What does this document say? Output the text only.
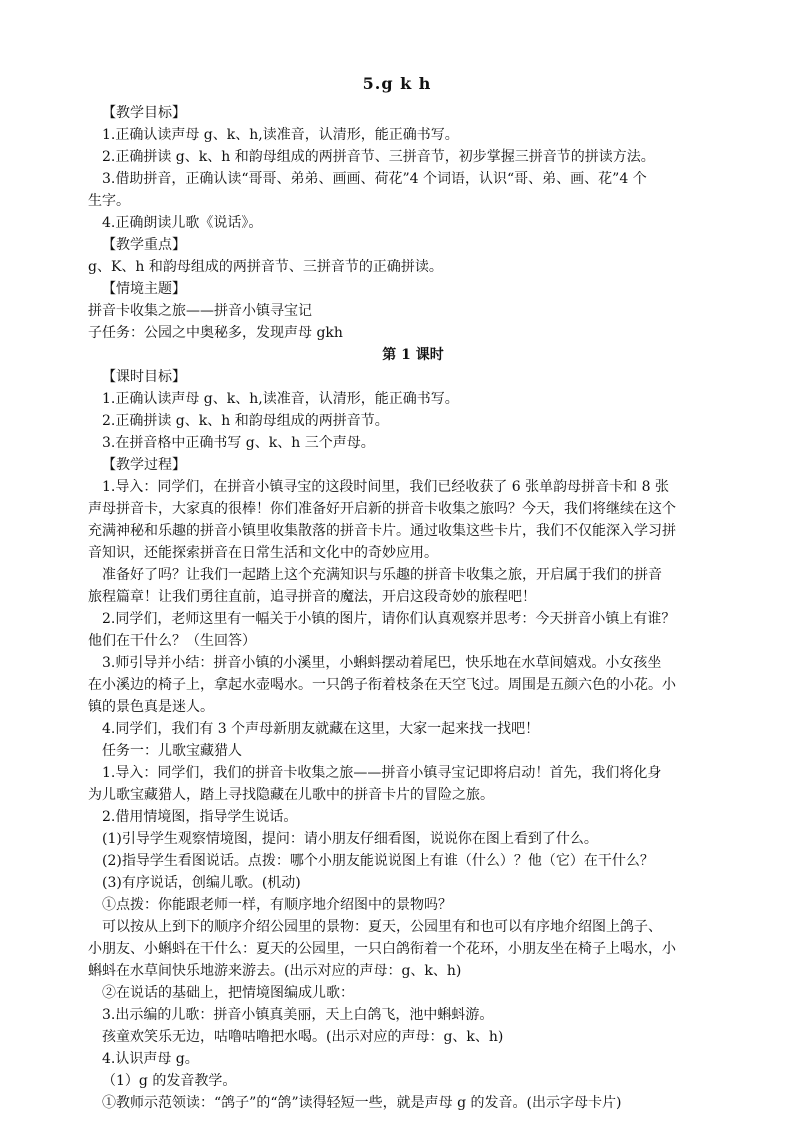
5.g k h
【教学目标】
1.正确认读声母 g、k、h,读准音，认清形，能正确书写。
2.正确拼读 g、k、h 和韵母组成的两拼音节、三拼音节，初步掌握三拼音节的拼读方法。
3.借助拼音，正确认读“哥哥、弟弟、画画、荷花”4 个词语，认识“哥、弟、画、花”4 个
生字。
4.正确朗读儿歌《说话》。
【教学重点】
g、K、h 和韵母组成的两拼音节、三拼音节的正确拼读。
【情境主题】
拼音卡收集之旅——拼音小镇寻宝记
子任务：公园之中奥秘多，发现声母 gkh
第 1 课时
【课时目标】
1.正确认读声母 g、k、h,读准音，认清形，能正确书写。
2.正确拼读 g、k、h 和韵母组成的两拼音节。
3.在拼音格中正确书写 g、k、h 三个声母。
【教学过程】
1.导入：同学们，在拼音小镇寻宝的这段时间里，我们已经收获了 6 张单韵母拼音卡和 8 张
声母拼音卡，大家真的很棒！你们准备好开启新的拼音卡收集之旅吗？今天，我们将继续在这个
充满神秘和乐趣的拼音小镇里收集散落的拼音卡片。通过收集这些卡片，我们不仅能深入学习拼
音知识，还能探索拼音在日常生活和文化中的奇妙应用。
准备好了吗？让我们一起踏上这个充满知识与乐趣的拼音卡收集之旅，开启属于我们的拼音
旅程篇章！让我们勇往直前，追寻拼音的魔法，开启这段奇妙的旅程吧！
2.同学们，老师这里有一幅关于小镇的图片，请你们认真观察并思考：今天拼音小镇上有谁？
他们在干什么？（生回答）
3.师引导并小结：拼音小镇的小溪里，小蝌蚪摆动着尾巴，快乐地在水草间嬉戏。小女孩坐
在小溪边的椅子上，拿起水壶喝水。一只鸽子衔着枝条在天空飞过。周围是五颜六色的小花。小
镇的景色真是迷人。
4.同学们，我们有 3 个声母新朋友就藏在这里，大家一起来找一找吧！
任务一：儿歌宝藏猎人
1.导入：同学们，我们的拼音卡收集之旅——拼音小镇寻宝记即将启动！首先，我们将化身
为儿歌宝藏猎人，踏上寻找隐藏在儿歌中的拼音卡片的冒险之旅。
2.借用情境图，指导学生说话。
(1)引导学生观察情境图，提问：请小朋友仔细看图，说说你在图上看到了什么。
(2)指导学生看图说话。点拨：哪个小朋友能说说图上有谁（什么）？他（它）在干什么？
(3)有序说话，创编儿歌。(机动)
①点拨：你能跟老师一样，有顺序地介绍图中的景物吗？
可以按从上到下的顺序介绍公园里的景物：夏天，公园里有和也可以有序地介绍图上鸽子、
小朋友、小蝌蚪在干什么：夏天的公园里，一只白鸽衔着一个花环，小朋友坐在椅子上喝水，小
蝌蚪在水草间快乐地游来游去。(出示对应的声母：g、k、h)
②在说话的基础上，把情境图编成儿歌：
3.出示编的儿歌：拼音小镇真美丽，天上白鸽飞，池中蝌蚪游。
孩童欢笑乐无边，咕噜咕噜把水喝。(出示对应的声母：g、k、h)
4.认识声母 g。
（1）g 的发音教学。
①教师示范领读：“鸽子”的“鸽”读得轻短一些，就是声母 g 的发音。(出示字母卡片)
